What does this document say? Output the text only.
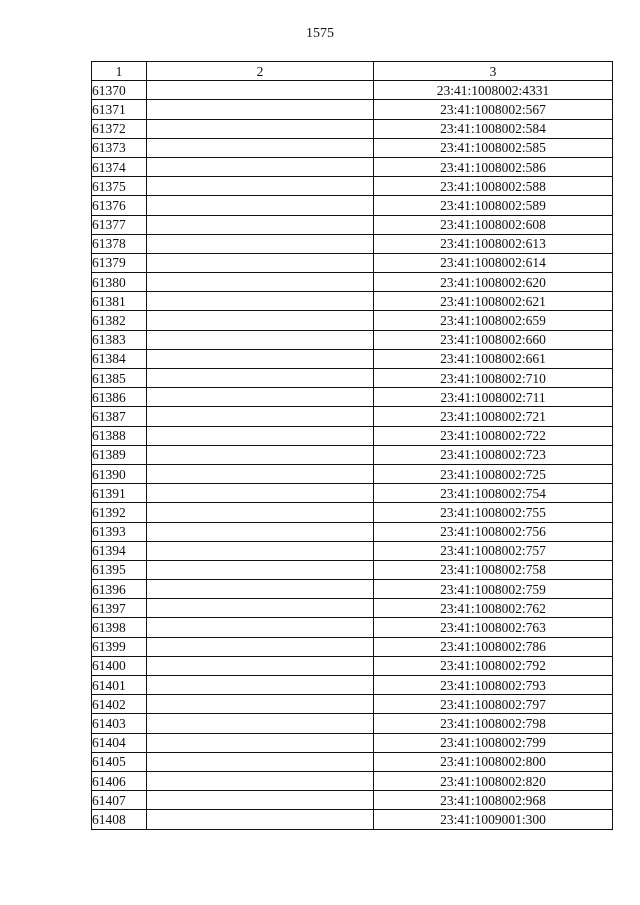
1575
1	2	3
61370		23:41:1008002:4331
61371		23:41:1008002:567
61372		23:41:1008002:584
61373		23:41:1008002:585
61374		23:41:1008002:586
61375		23:41:1008002:588
61376		23:41:1008002:589
61377		23:41:1008002:608
61378		23:41:1008002:613
61379		23:41:1008002:614
61380		23:41:1008002:620
61381		23:41:1008002:621
61382		23:41:1008002:659
61383		23:41:1008002:660
61384		23:41:1008002:661
61385		23:41:1008002:710
61386		23:41:1008002:711
61387		23:41:1008002:721
61388		23:41:1008002:722
61389		23:41:1008002:723
61390		23:41:1008002:725
61391		23:41:1008002:754
61392		23:41:1008002:755
61393		23:41:1008002:756
61394		23:41:1008002:757
61395		23:41:1008002:758
61396		23:41:1008002:759
61397		23:41:1008002:762
61398		23:41:1008002:763
61399		23:41:1008002:786
61400		23:41:1008002:792
61401		23:41:1008002:793
61402		23:41:1008002:797
61403		23:41:1008002:798
61404		23:41:1008002:799
61405		23:41:1008002:800
61406		23:41:1008002:820
61407		23:41:1008002:968
61408		23:41:1009001:300
